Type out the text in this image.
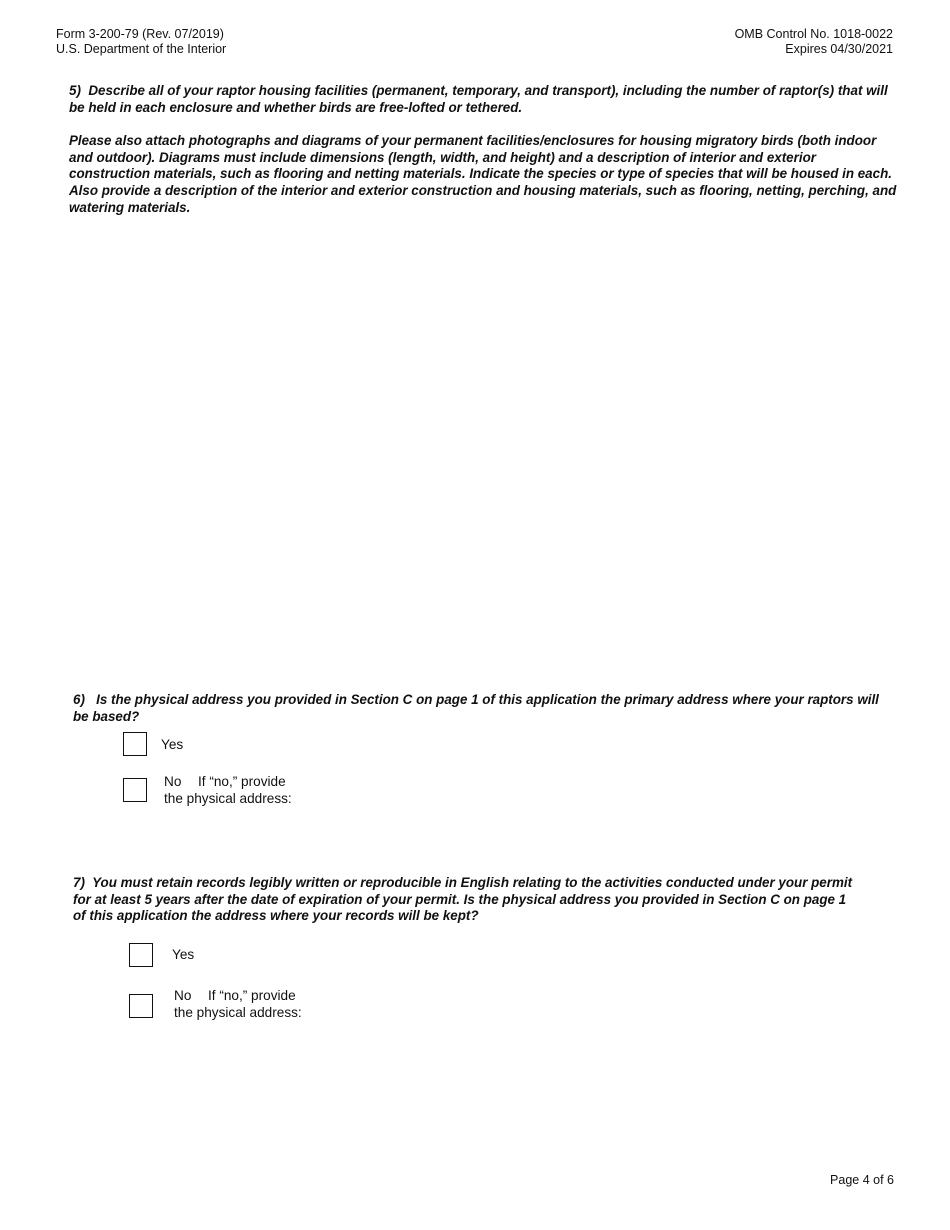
Form 3-200-79 (Rev. 07/2019)
U.S. Department of the Interior
OMB Control No. 1018-0022
Expires 04/30/2021

5) Describe all of your raptor housing facilities (permanent, temporary, and transport), including the number of raptor(s) that will be held in each enclosure and whether birds are free-lofted or tethered.

Please also attach photographs and diagrams of your permanent facilities/enclosures for housing migratory birds (both indoor and outdoor). Diagrams must include dimensions (length, width, and height) and a description of interior and exterior construction materials, such as flooring and netting materials. Indicate the species or type of species that will be housed in each. Also provide a description of the interior and exterior construction and housing materials, such as flooring, netting, perching, and watering materials.

6) Is the physical address you provided in Section C on page 1 of this application the primary address where your raptors will be based?

Yes
No If “no,” provide
the physical address:

7) You must retain records legibly written or reproducible in English relating to the activities conducted under your permit for at least 5 years after the date of expiration of your permit. Is the physical address you provided in Section C on page 1 of this application the address where your records will be kept?

Yes
No If “no,” provide
the physical address:
Page 4 of 6
